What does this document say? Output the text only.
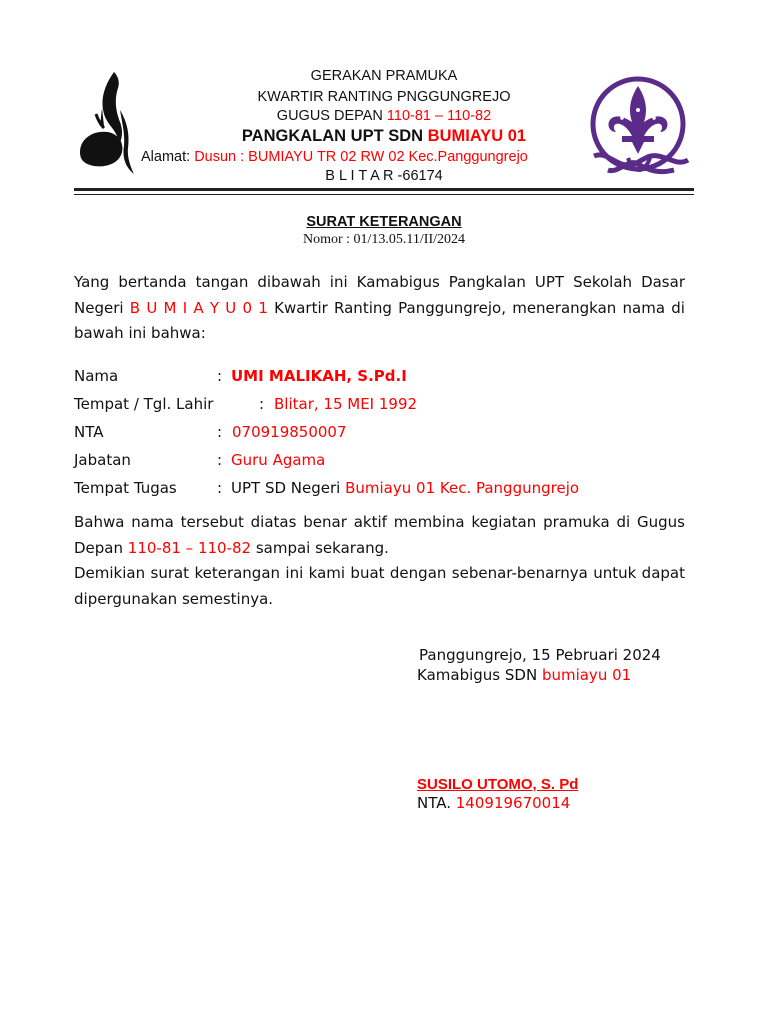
GERAKAN PRAMUKA
KWARTIR RANTING PNGGUNGREJO
GUGUS DEPAN 110-81 – 110-82
PANGKALAN UPT SDN BUMIAYU 01
Alamat: Dusun : BUMIAYU TR 02 RW 02 Kec.Panggungrejo
B L I T A R -66174
SURAT KETERANGAN
Nomor : 01/13.05.11/II/2024
Yang bertanda tangan dibawah ini Kamabigus Pangkalan UPT Sekolah Dasar Negeri B U M I A Y U 0 1 Kwartir Ranting Panggungrejo, menerangkan nama di bawah ini bahwa:
Nama	: UMI MALIKAH, S.Pd.I
Tempat / Tgl. Lahir	: Blitar, 15 MEI 1992
NTA	: 070919850007
Jabatan	: Guru Agama
Tempat Tugas	: UPT SD Negeri Bumiayu 01 Kec. Panggungrejo
Bahwa nama tersebut diatas benar aktif membina kegiatan pramuka di Gugus Depan 110-81 – 110-82 sampai sekarang.
Demikian surat keterangan ini kami buat dengan sebenar-benarnya untuk dapat dipergunakan semestinya.
Panggungrejo, 15 Pebruari 2024
Kamabigus SDN bumiayu 01
SUSILO UTOMO, S. Pd
NTA. 140919670014
